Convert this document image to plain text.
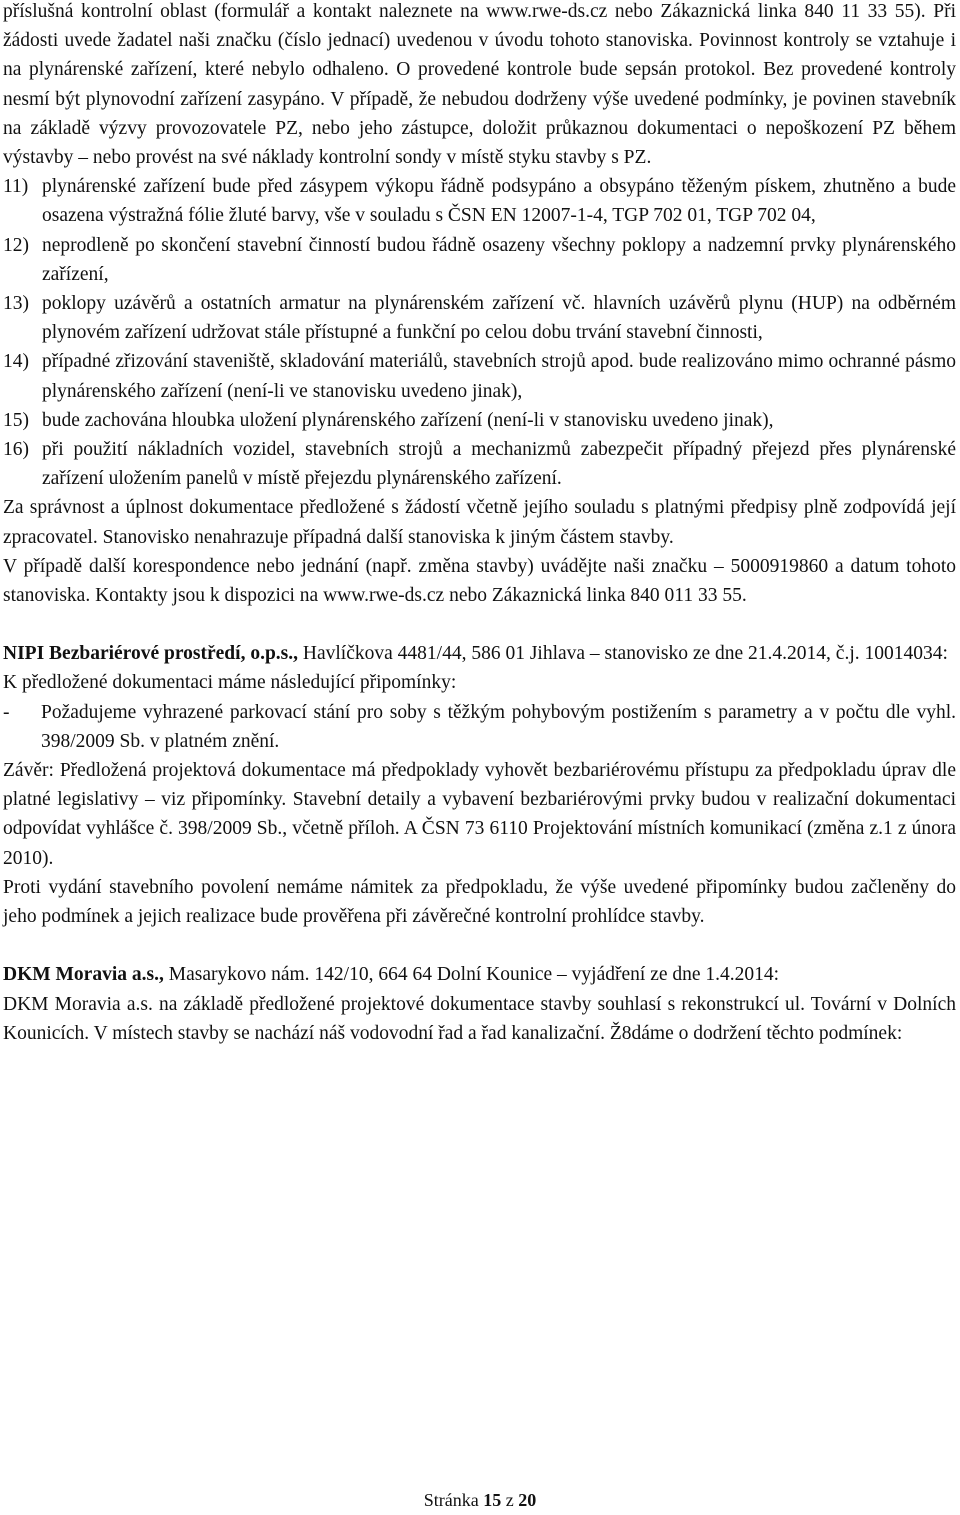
příslušná kontrolní oblast (formulář a kontakt naleznete na www.rwe-ds.cz nebo Zákaznická linka 840 11 33 55). Při žádosti uvede žadatel naši značku (číslo jednací) uvedenou v úvodu tohoto stanoviska. Povinnost kontroly se vztahuje i na plynárenské zařízení, které nebylo odhaleno. O provedené kontrole bude sepsán protokol. Bez provedené kontroly nesmí být plynovodní zařízení zasypáno. V případě, že nebudou dodrženy výše uvedené podmínky, je povinen stavebník na základě výzvy provozovatele PZ, nebo jeho zástupce, doložit průkaznou dokumentaci o nepoškození PZ během výstavby – nebo provést na své náklady kontrolní sondy v místě styku stavby s PZ.

11) plynárenské zařízení bude před zásypem výkopu řádně podsypáno a obsypáno těženým pískem, zhutněno a bude osazena výstražná fólie žluté barvy, vše v souladu s ČSN EN 12007-1-4, TGP 702 01, TGP 702 04,
12) neprodleně po skončení stavební činností budou řádně osazeny všechny poklopy a nadzemní prvky plynárenského zařízení,
13) poklopy uzávěrů a ostatních armatur na plynárenském zařízení vč. hlavních uzávěrů plynu (HUP) na odběrném plynovém zařízení udržovat stále přístupné a funkční po celou dobu trvání stavební činnosti,
14) případné zřizování staveniště, skladování materiálů, stavebních strojů apod. bude realizováno mimo ochranné pásmo plynárenského zařízení (není-li ve stanovisku uvedeno jinak),
15) bude zachována hloubka uložení plynárenského zařízení (není-li v stanovisku uvedeno jinak),
16) při použití nákladních vozidel, stavebních strojů a mechanizmů zabezpečit případný přejezd přes plynárenské zařízení uložením panelů v místě přejezdu plynárenského zařízení.

Za správnost a úplnost dokumentace předložené s žádostí včetně jejího souladu s platnými předpisy plně zodpovídá její zpracovatel. Stanovisko nenahrazuje případná další stanoviska k jiným částem stavby.

V případě další korespondence nebo jednání (např. změna stavby) uvádějte naši značku – 5000919860 a datum tohoto stanoviska. Kontakty jsou k dispozici na www.rwe-ds.cz nebo Zákaznická linka 840 011 33 55.

NIPI Bezbariérové prostředí, o.p.s., Havlíčkova 4481/44, 586 01 Jihlava – stanovisko ze dne 21.4.2014, č.j. 10014034:

K předložené dokumentaci máme následující připomínky:

-	Požadujeme vyhrazené parkovací stání pro soby s těžkým pohybovým postižením s parametry a v počtu dle vyhl. 398/2009 Sb. v platném znění.

Závěr: Předložená projektová dokumentace má předpoklady vyhovět bezbariérovému přístupu za předpokladu úprav dle platné legislativy – viz připomínky. Stavební detaily a vybavení bezbariérovými prvky budou v realizační dokumentaci odpovídat vyhlášce č. 398/2009 Sb., včetně příloh. A ČSN 73 6110 Projektování místních komunikací (změna z.1 z února 2010).

Proti vydání stavebního povolení nemáme námitek za předpokladu, že výše uvedené připomínky budou začleněny do jeho podmínek a jejich realizace bude prověřena při závěrečné kontrolní prohlídce stavby.

DKM Moravia a.s., Masarykovo nám. 142/10, 664 64 Dolní Kounice – vyjádření ze dne 1.4.2014:

DKM Moravia a.s. na základě předložené projektové dokumentace stavby souhlasí s rekonstrukcí ul. Tovární v Dolních Kounicích. V místech stavby se nachází náš vodovodní řad a řad kanalizační. Ž8dáme o dodržení těchto podmínek:

Stránka 15 z 20
